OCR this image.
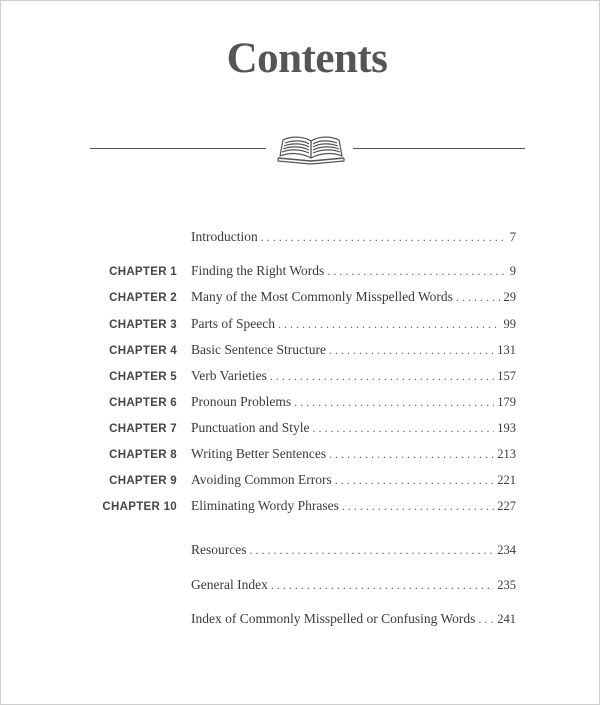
Contents
Introduction . . .	7
CHAPTER 1 Finding the Right Words . . .	9
CHAPTER 2 Many of the Most Commonly Misspelled Words . . .	29
CHAPTER 3 Parts of Speech . . .	99
CHAPTER 4 Basic Sentence Structure . . .	131
CHAPTER 5 Verb Varieties . . .	157
CHAPTER 6 Pronoun Problems . . .	179
CHAPTER 7 Punctuation and Style . . .	193
CHAPTER 8 Writing Better Sentences . . .	213
CHAPTER 9 Avoiding Common Errors . . .	221
CHAPTER 10 Eliminating Wordy Phrases . . .	227
Resources . . .	234
General Index . . .	235
Index of Commonly Misspelled or Confusing Words . . . 241
